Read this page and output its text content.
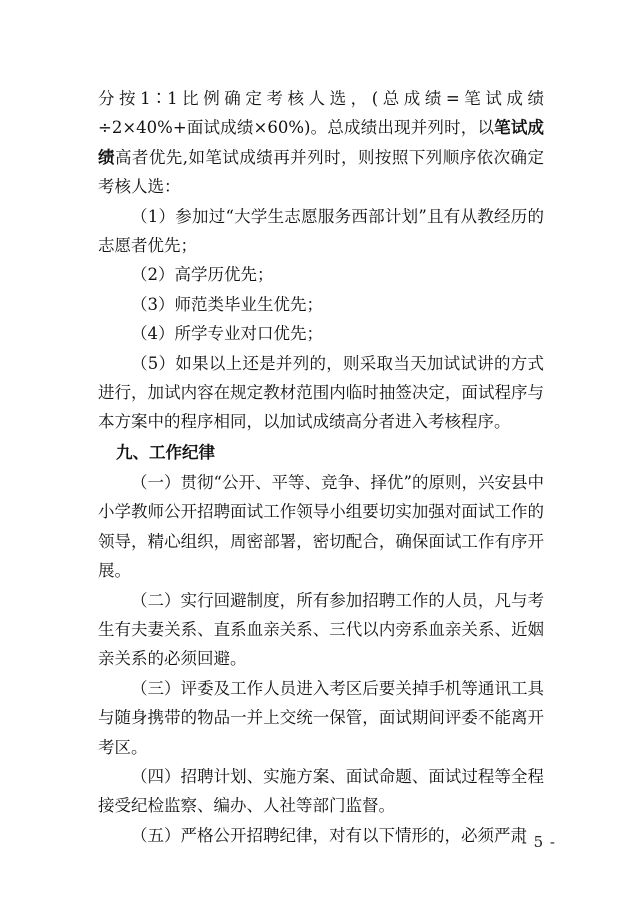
分按1∶1比例确定考核人选，(总成绩=笔试成绩÷2×40%+面试成绩×60%)。总成绩出现并列时，以笔试成绩高者优先,如笔试成绩再并列时，则按照下列顺序依次确定考核人选：

（1）参加过“大学生志愿服务西部计划”且有从教经历的志愿者优先；

（2）高学历优先；

（3）师范类毕业生优先；

（4）所学专业对口优先；

（5）如果以上还是并列的，则采取当天加试试讲的方式进行，加试内容在规定教材范围内临时抽签决定，面试程序与本方案中的程序相同，以加试成绩高分者进入考核程序。

九、工作纪律

（一）贯彻“公开、平等、竞争、择优”的原则，兴安县中小学教师公开招聘面试工作领导小组要切实加强对面试工作的领导，精心组织，周密部署，密切配合，确保面试工作有序开展。

（二）实行回避制度，所有参加招聘工作的人员，凡与考生有夫妻关系、直系血亲关系、三代以内旁系血亲关系、近姻亲关系的必须回避。

（三）评委及工作人员进入考区后要关掉手机等通讯工具与随身携带的物品一并上交统一保管，面试期间评委不能离开考区。

（四）招聘计划、实施方案、面试命题、面试过程等全程接受纪检监察、编办、人社等部门监督。

（五）严格公开招聘纪律，对有以下情形的，必须严肃

- 5 -
